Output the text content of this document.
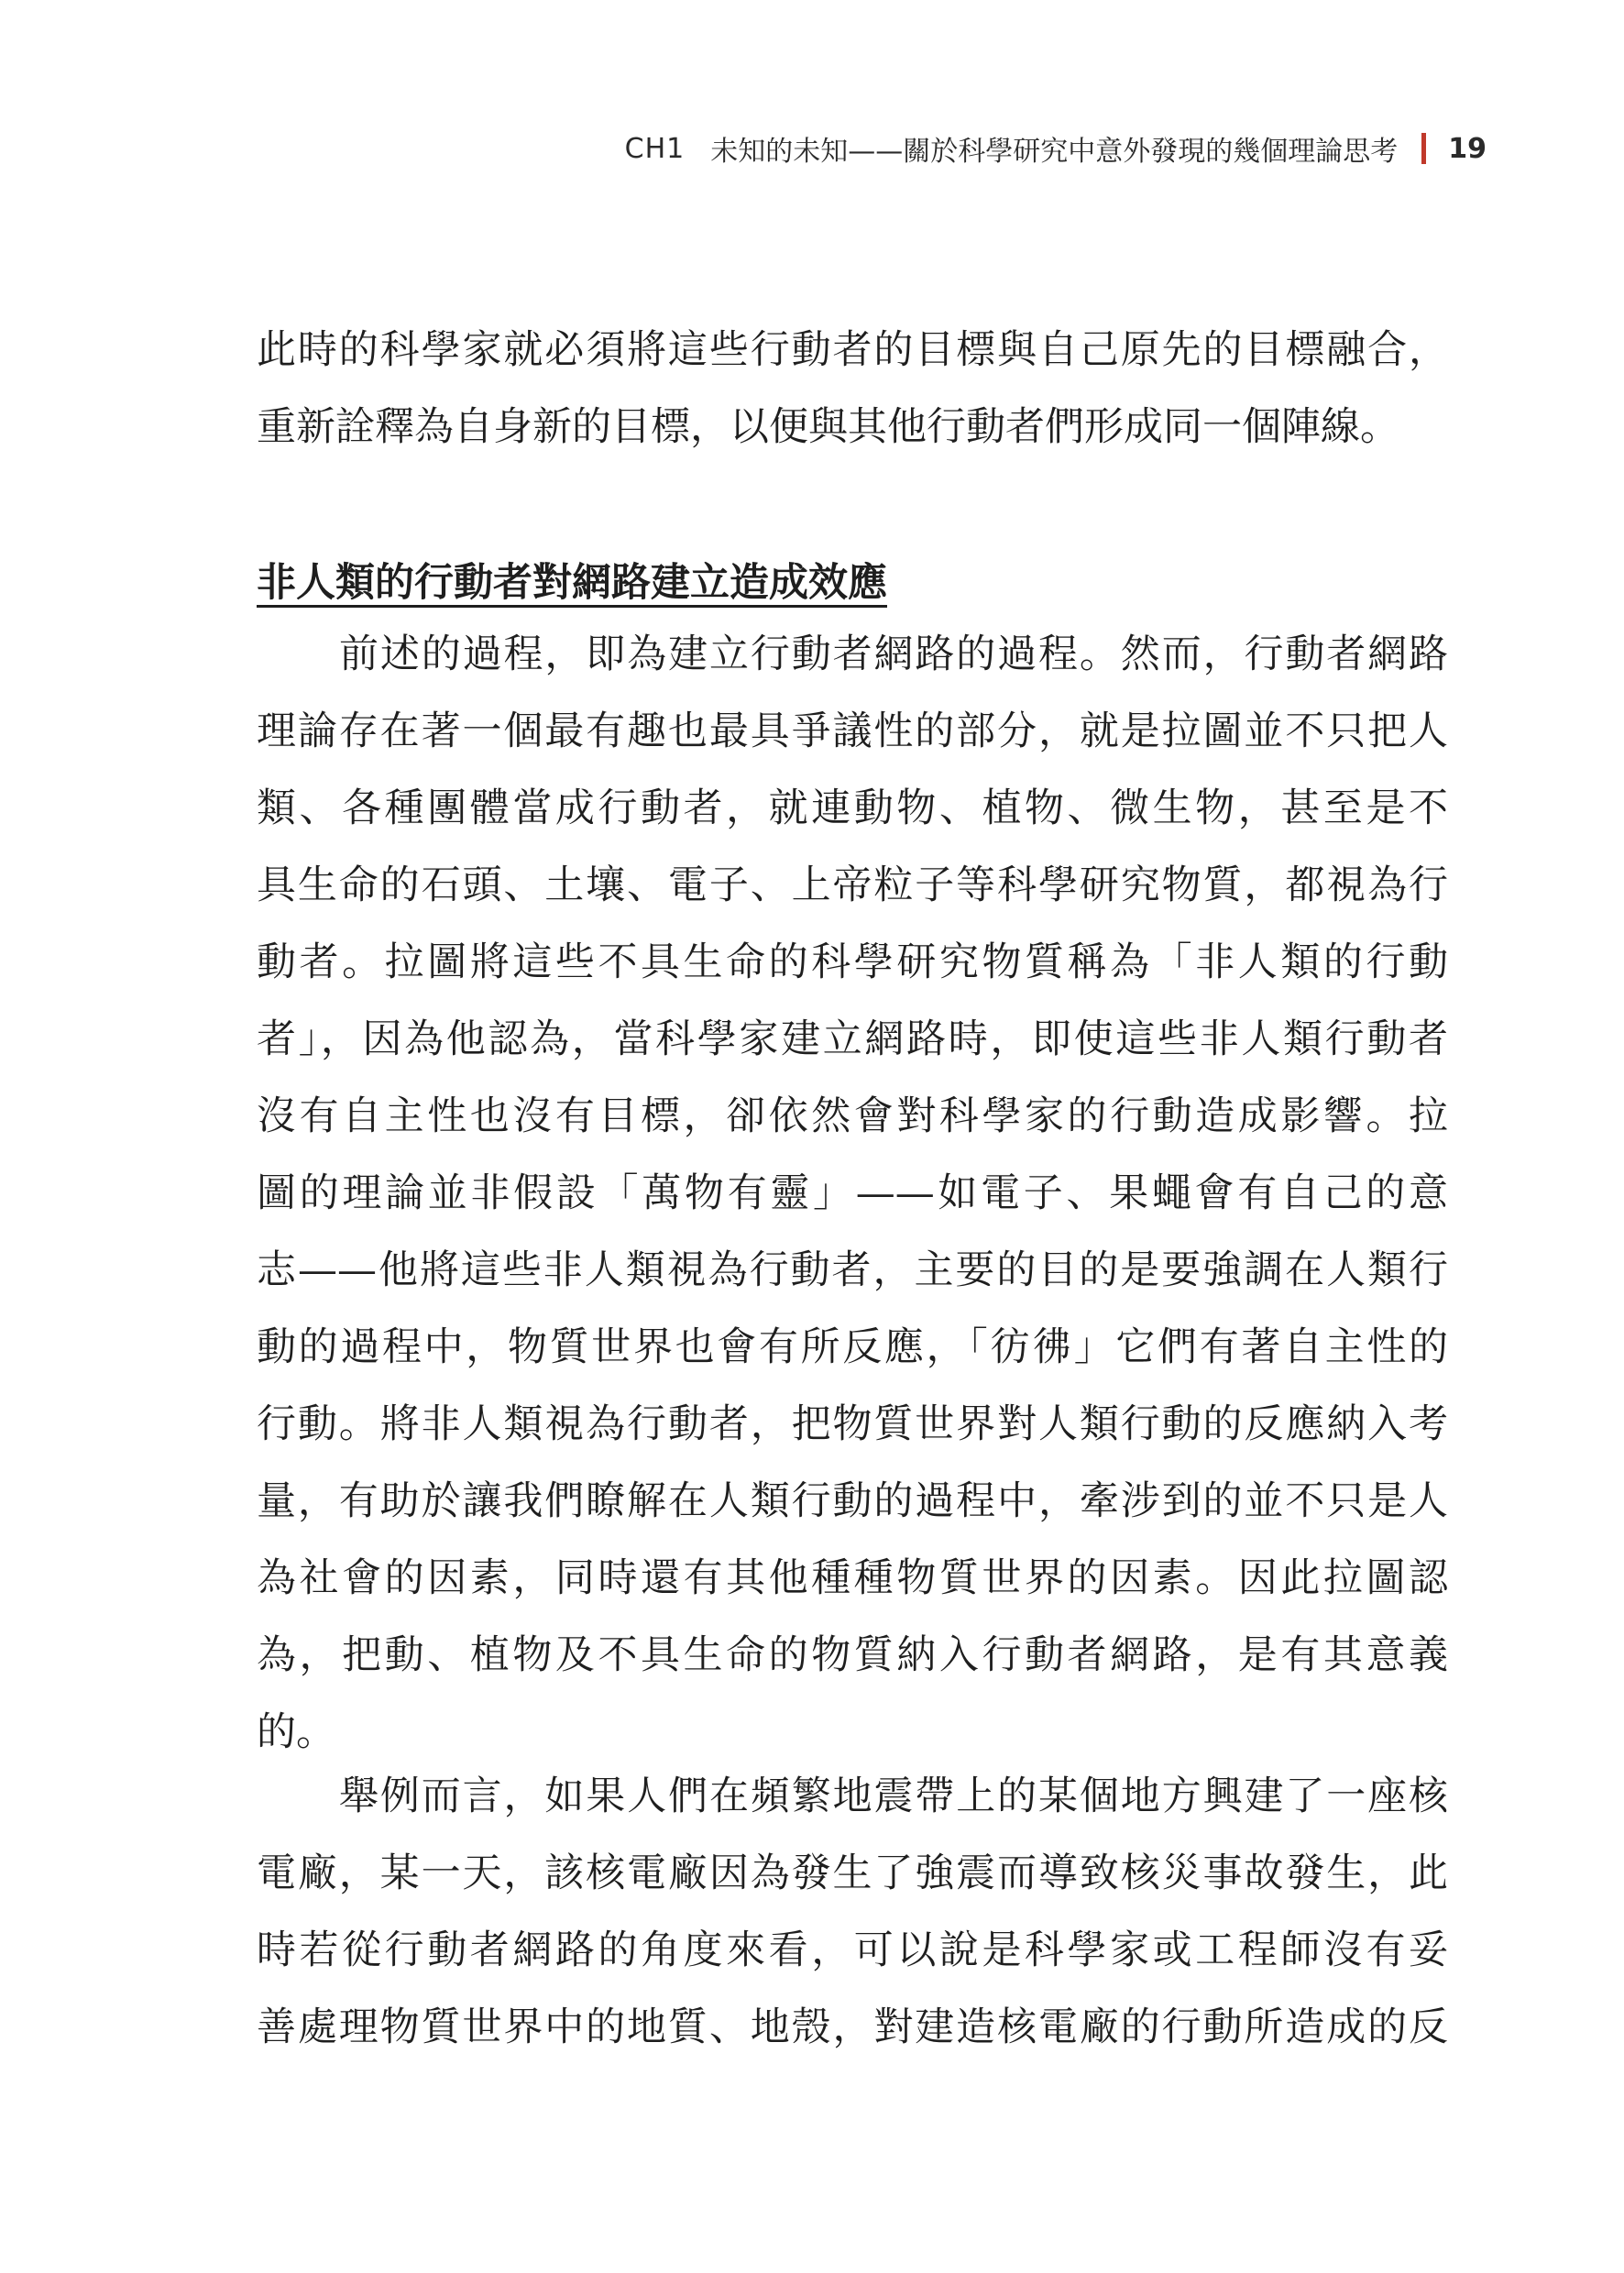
CH1 未知的未知——關於科學研究中意外發現的幾個理論思考 19
此時的科學家就必須將這些行動者的目標與自己原先的目標融合，
重新詮釋為自身新的目標，以便與其他行動者們形成同一個陣線。
非人類的行動者對網路建立造成效應
前述的過程，即為建立行動者網路的過程。然而，行動者網路
理論存在著一個最有趣也最具爭議性的部分，就是拉圖並不只把人
類、各種團體當成行動者，就連動物、植物、微生物，甚至是不
具生命的石頭、土壤、電子、上帝粒子等科學研究物質，都視為行
動者。拉圖將這些不具生命的科學研究物質稱為「非人類的行動
者」，因為他認為，當科學家建立網路時，即使這些非人類行動者
沒有自主性也沒有目標，卻依然會對科學家的行動造成影響。拉
圖的理論並非假設「萬物有靈」——如電子、果蠅會有自己的意
志——他將這些非人類視為行動者，主要的目的是要強調在人類行
動的過程中，物質世界也會有所反應，「彷彿」它們有著自主性的
行動。將非人類視為行動者，把物質世界對人類行動的反應納入考
量，有助於讓我們瞭解在人類行動的過程中，牽涉到的並不只是人
為社會的因素，同時還有其他種種物質世界的因素。因此拉圖認
為，把動、植物及不具生命的物質納入行動者網路，是有其意義
的。
舉例而言，如果人們在頻繁地震帶上的某個地方興建了一座核
電廠，某一天，該核電廠因為發生了強震而導致核災事故發生，此
時若從行動者網路的角度來看，可以說是科學家或工程師沒有妥
善處理物質世界中的地質、地殼，對建造核電廠的行動所造成的反
